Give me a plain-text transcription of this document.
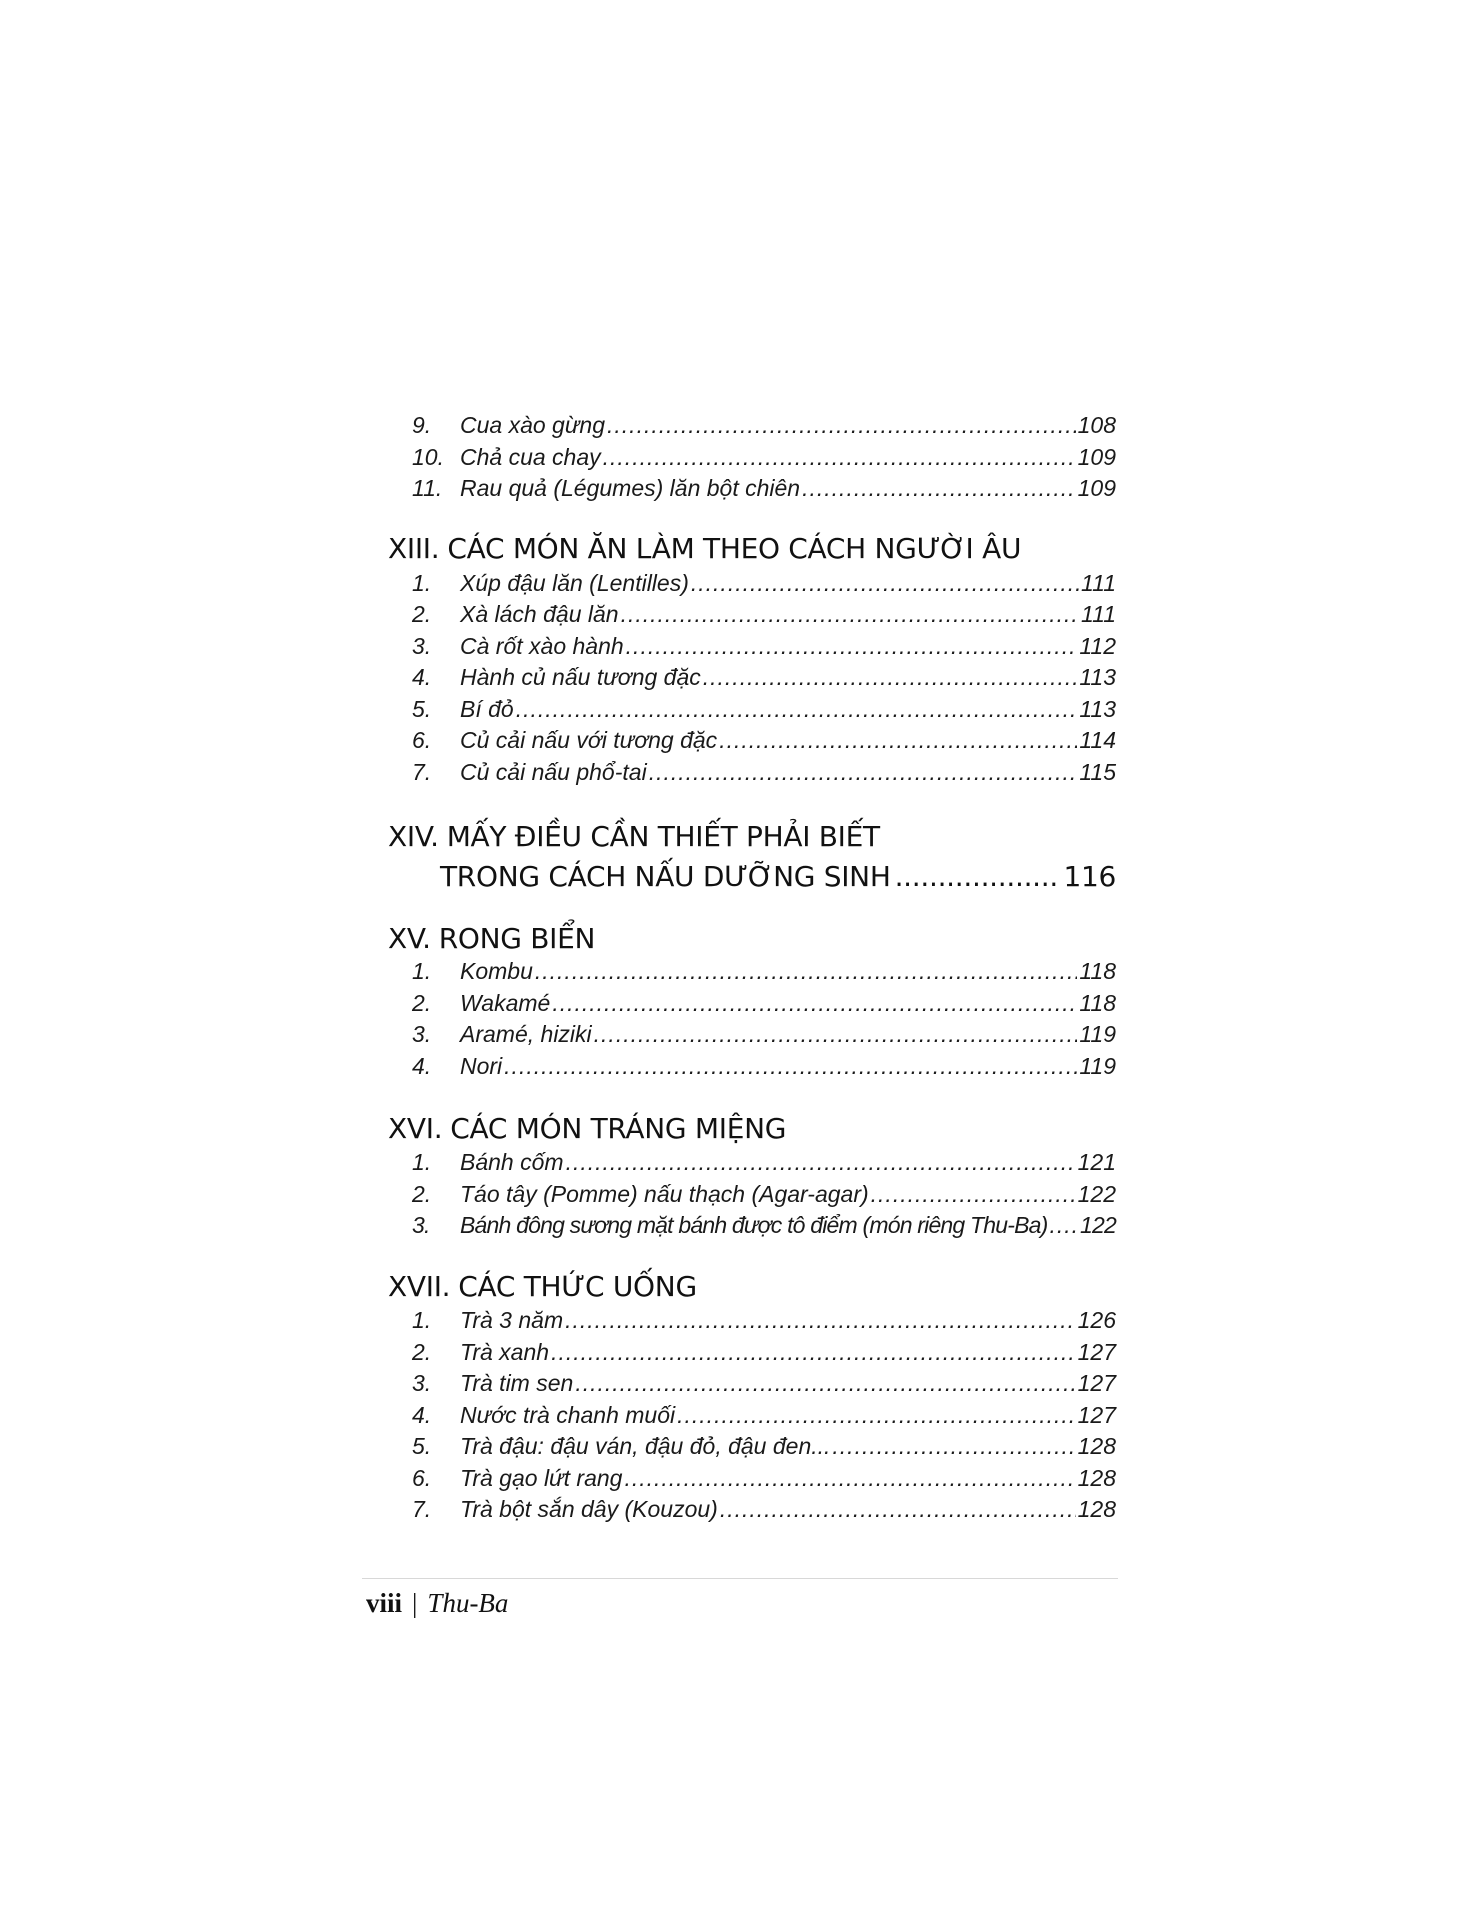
9.	Cua xào gừng .....	108
10. Chả cua chay .....	109
11. Rau quả (Légumes) lăn bột chiên .....	109
XIII. CÁC MÓN ĂN LÀM THEO CÁCH NGƯỜI ÂU
1.	Xúp đậu lăn (Lentilles) .....	111
2.	Xà lách đậu lăn .....	111
3.	Cà rốt xào hành .....	112
4.	Hành củ nấu tương đặc .....	113
5.	Bí đỏ .....	113
6.	Củ cải nấu với tương đặc .....	114
7.	Củ cải nấu phổ-tai .....	115
XIV. MẤY ĐIỀU CẦN THIẾT PHẢI BIẾT
TRONG CÁCH NẤU DƯỠNG SINH .....	116
XV. RONG BIỂN
1.	Kombu .....	118
2.	Wakamé .....	118
3.	Aramé, hiziki .....	119
4.	Nori .....	119
XVI. CÁC MÓN TRÁNG MIỆNG
1.	Bánh cốm .....	121
2.	Táo tây (Pomme) nấu thạch (Agar-agar) .....	122
3.	Bánh đông sương mặt bánh được tô điểm (món riêng Thu-Ba) ..... 122
XVII. CÁC THỨC UỐNG
1.	Trà 3 năm .....	126
2.	Trà xanh .....	127
3.	Trà tim sen .....	127
4.	Nước trà chanh muối .....	127
5.	Trà đậu: đậu ván, đậu đỏ, đậu đen... .....	128
6.	Trà gạo lứt rang .....	128
7.	Trà bột sắn dây (Kouzou) .....	128
viii | Thu-Ba
